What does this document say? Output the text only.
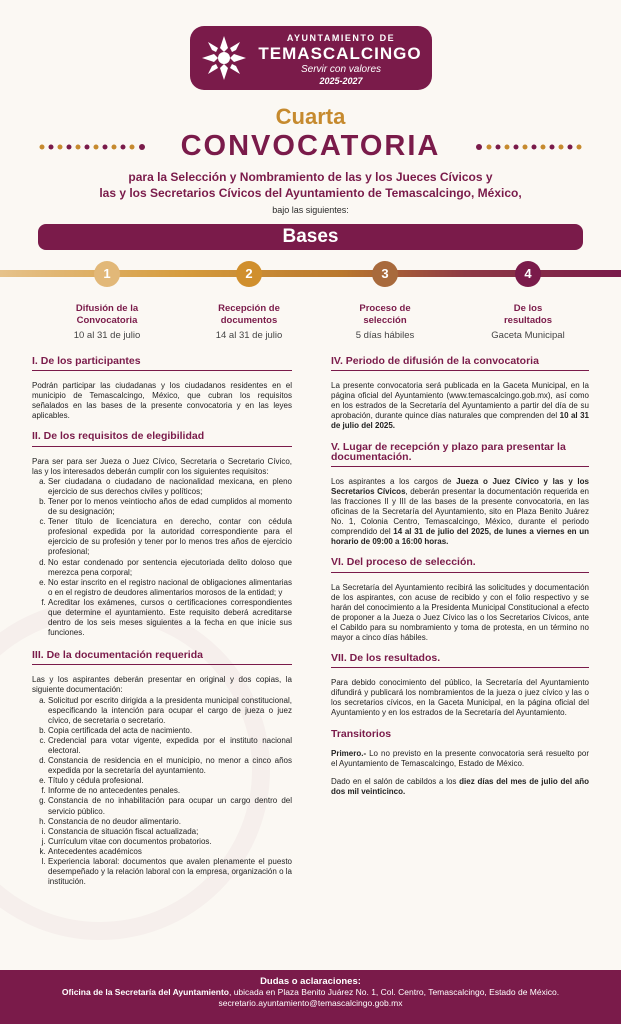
AYUNTAMIENTO DE
TEMASCALCINGO
Servir con valores
2025-2027
Cuarta
CONVOCATORIA
para la Selección y Nombramiento de las y los Jueces Cívicos y
las y los Secretarios Cívicos del Ayuntamiento de Temascalcingo, México,
bajo las siguientes:
Bases
1	2	3	4
Difusión de la
Convocatoria
10 al 31 de julio
Recepción de
documentos
14 al 31 de julio
Proceso de
selección
5 días hábiles
De los
resultados
Gaceta Municipal
I. De los participantes

Podrán participar las ciudadanas y los ciudadanos residentes en el municipio de Temascalcingo, México, que cubran los requisitos señalados en las bases de la presente convocatoria y en las leyes aplicables.

II. De los requisitos de elegibilidad
Para ser para ser Jueza o Juez Cívico, Secretaria o Secretario Cívico, las y los interesados deberán cumplir con los siguientes requisitos:
a. Ser ciudadana o ciudadano de nacionalidad mexicana, en pleno ejercicio de sus derechos civiles y políticos;
b. Tener por lo menos veintiocho años de edad cumplidos al momento de su designación;
c. Tener título de licenciatura en derecho, contar con cédula profesional expedida por la autoridad correspondiente para el ejercicio de su profesión y tener por lo menos tres años de ejercicio profesional;
d. No estar condenado por sentencia ejecutoriada delito doloso que merezca pena corporal;
e. No estar inscrito en el registro nacional de obligaciones alimentarias o en el registro de deudores alimentarios morosos de la entidad; y
f. Acreditar los exámenes, cursos o certificaciones correspondientes que determine el ayuntamiento. Este requisito deberá acreditarse dentro de los seis meses siguientes a la fecha en que inicie sus funciones.
III. De la documentación requerida
Las y los aspirantes deberán presentar en original y dos copias, la siguiente documentación:
a. Solicitud por escrito dirigida a la presidenta municipal constitucional, especificando la intención para ocupar el cargo de jueza o juez cívico, de secretaria o secretario.
b. Copia certificada del acta de nacimiento.
c. Credencial para votar vigente, expedida por el instituto nacional electoral.
d. Constancia de residencia en el municipio, no menor a cinco años expedida por la secretaría del ayuntamiento.
e. Título y cédula profesional.
f. Informe de no antecedentes penales.
g. Constancia de no inhabilitación para ocupar un cargo dentro del servicio público.
h. Constancia de no deudor alimentario.
i. Constancia de situación fiscal actualizada;
j. Currículum vitae con documentos probatorios.
k. Antecedentes académicos
l. Experiencia laboral: documentos que avalen plenamente el puesto desempeñado y la relación laboral con la empresa, organización o la institución.
IV. Periodo de difusión de la convocatoria

La presente convocatoria será publicada en la Gaceta Municipal, en la página oficial del Ayuntamiento (www.temascalcingo.gob.mx), así como en los estrados de la Secretaría del Ayuntamiento a partir del día de su aprobación, durante quince días naturales que comprenden del 10 al 31 de julio del 2025.

V. Lugar de recepción y plazo para presentar la documentación.

Los aspirantes a los cargos de Jueza o Juez Cívico y las y los Secretarios Cívicos, deberán presentar la documentación requerida en las fracciones II y III de las bases de la presente convocatoria, en las oficinas de la Secretaría del Ayuntamiento, sito en Plaza Benito Juárez No. 1, Colonia Centro, Temascalcingo, México, durante el periodo comprendido del 14 al 31 de julio del 2025, de lunes a viernes en un horario de 09:00 a 16:00 horas.

VI. Del proceso de selección.

La Secretaría del Ayuntamiento recibirá las solicitudes y documentación de los aspirantes, con acuse de recibido y con el folio respectivo y se harán del conocimiento a la Presidenta Municipal Constitucional a efecto de proponer a la Jueza o Juez Cívico las o los Secretarios Cívicos, ante el Cabildo para su nombramiento y toma de protesta, en un término no mayor a cinco días hábiles.

VII. De los resultados.

Para debido conocimiento del público, la Secretaría del Ayuntamiento difundirá y publicará los nombramientos de la jueza o juez cívico y las o los secretarios cívicos, en la Gaceta Municipal, en la página oficial del Ayuntamiento y en los estrados de la Secretaría del Ayuntamiento.

Transitorios

Primero.- Lo no previsto en la presente convocatoria será resuelto por el Ayuntamiento de Temascalcingo, Estado de México.

Dado en el salón de cabildos a los diez días del mes de julio del año dos mil veinticinco.

Dudas o aclaraciones:
Oficina de la Secretaría del Ayuntamiento, ubicada en Plaza Benito Juárez No. 1, Col. Centro, Temascalcingo, Estado de México.
secretario.ayuntamiento@temascalcingo.gob.mx
